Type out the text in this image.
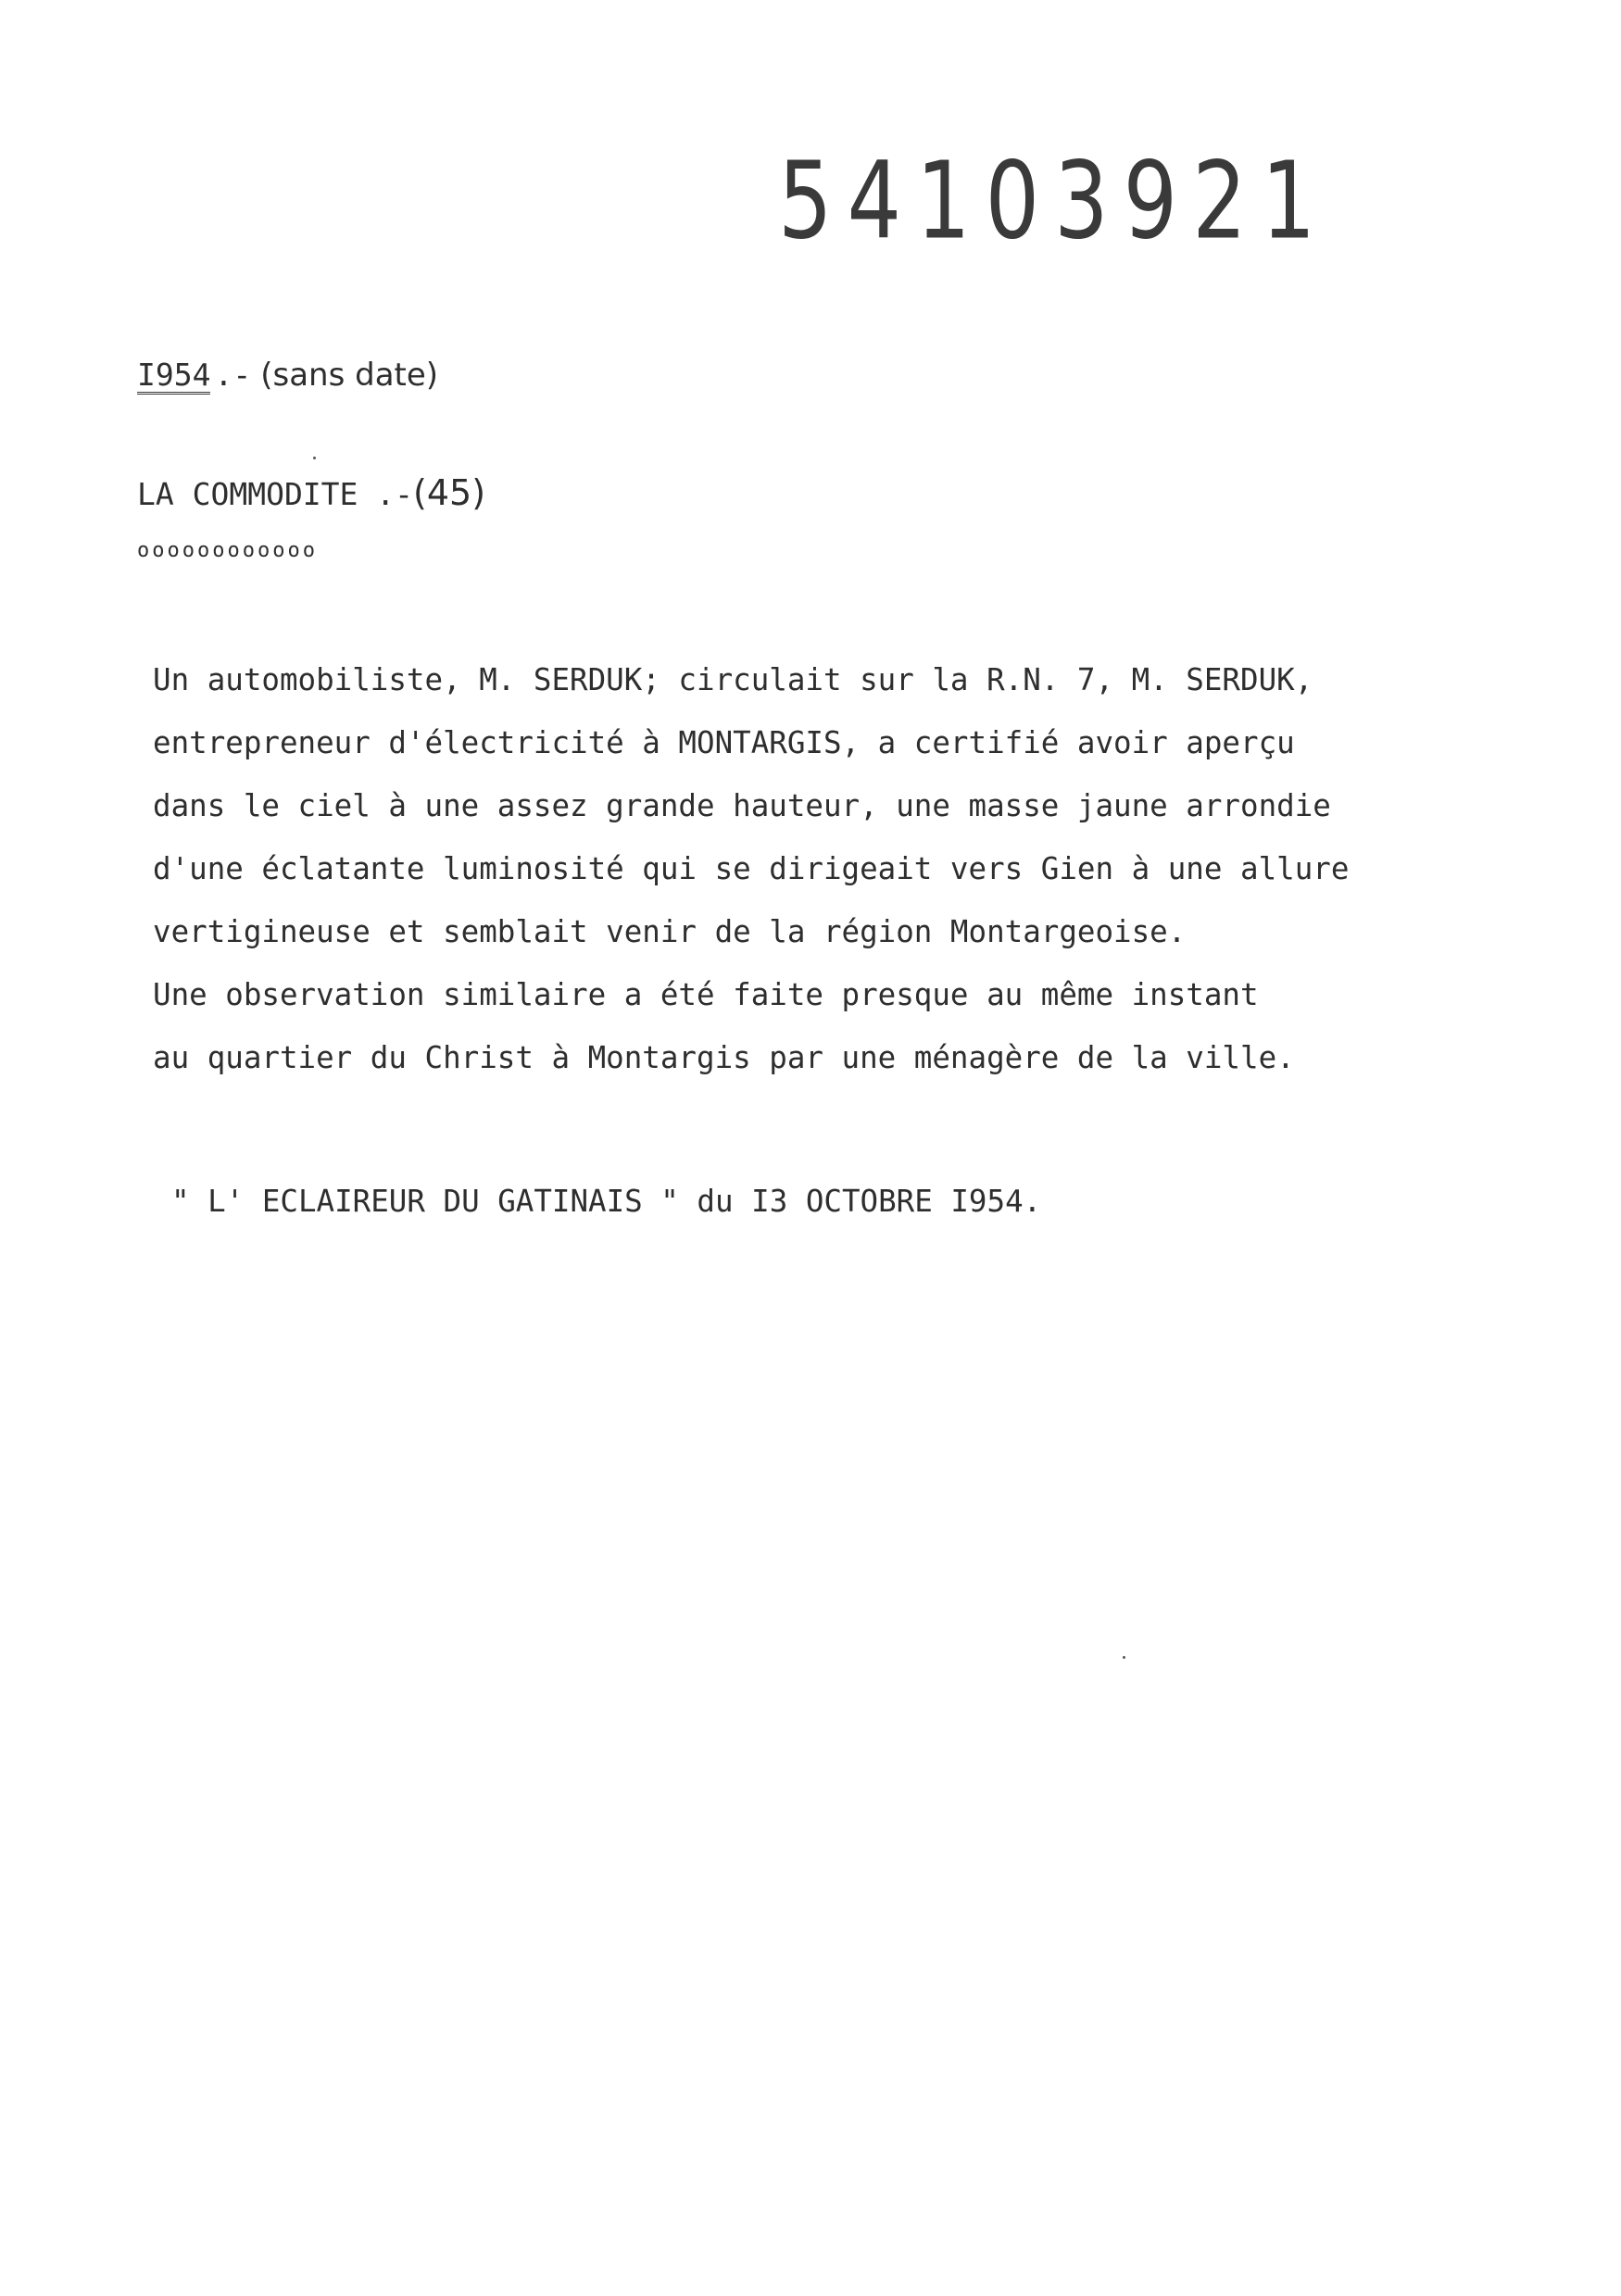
54103921
I954 .- (sans date)
LA COMMODITE .-(45)
oooooooooooo
Un automobiliste, M. SERDUK; circulait sur la R.N. 7, M. SERDUK,
entrepreneur d'électricité à MONTARGIS, a certifié avoir aperçu
dans le ciel à une assez grande hauteur, une masse jaune arrondie
d'une éclatante luminosité qui se dirigeait vers Gien à une allure
vertigineuse et semblait venir de la région Montargeoise.
Une observation similaire a été faite presque au même instant
au quartier du Christ à Montargis par une ménagère de la ville.
" L' ECLAIREUR DU GATINAIS " du I3 OCTOBRE I954.
